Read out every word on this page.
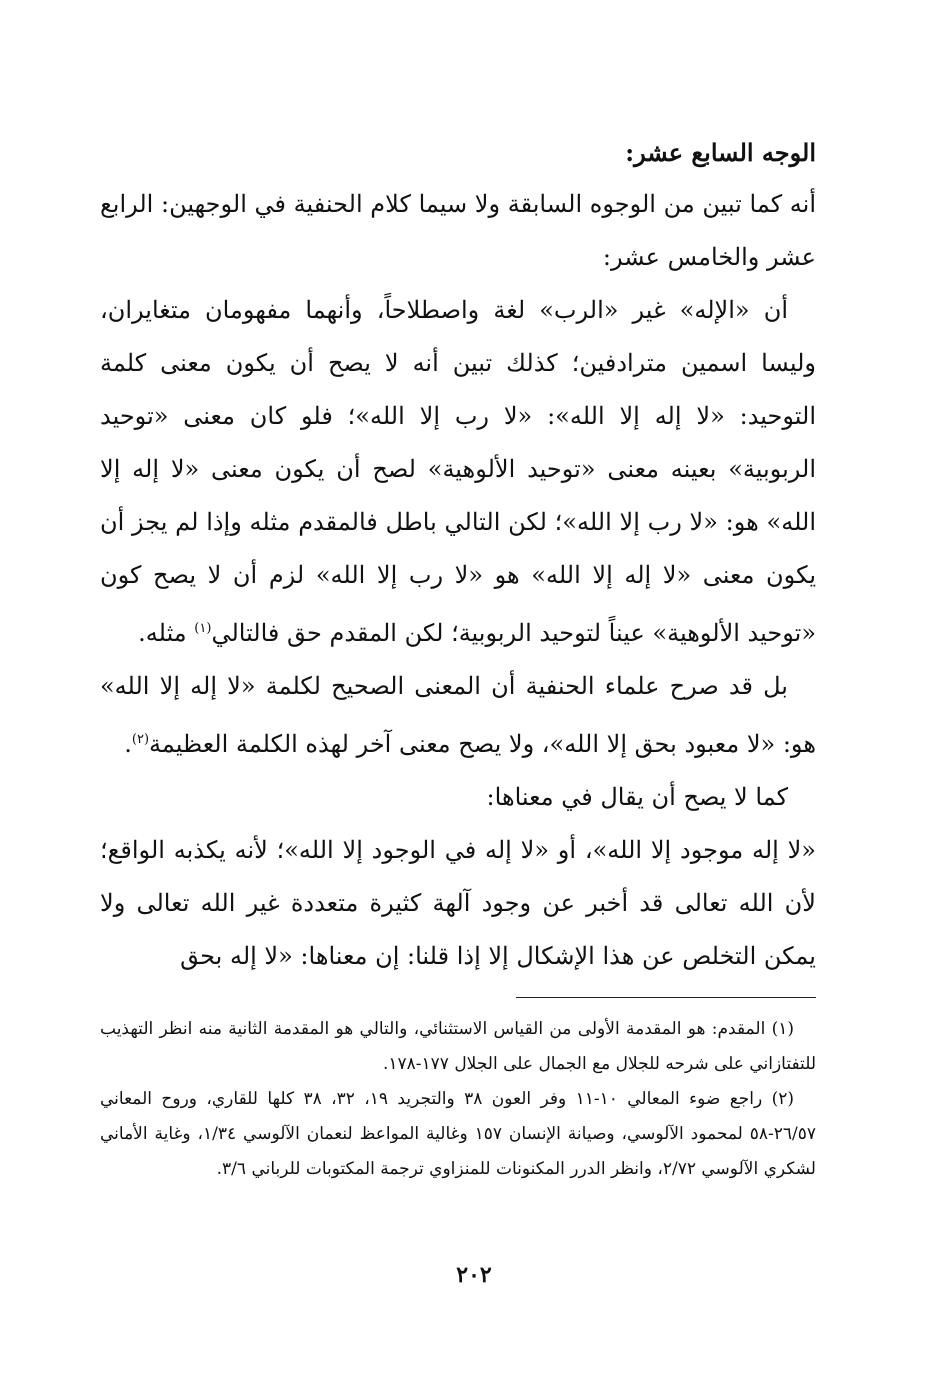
الوجه السابع عشر:

أنه كما تبين من الوجوه السابقة ولا سيما كلام الحنفية في الوجهين: الرابع عشر والخامس عشر:

أن «الإله» غير «الرب» لغة واصطلاحاً، وأنهما مفهومان متغايران، وليسا اسمين مترادفين؛ كذلك تبين أنه لا يصح أن يكون معنى كلمة التوحيد: «لا إله إلا الله»: «لا رب إلا الله»؛ فلو كان معنى «توحيد الربوبية» بعينه معنى «توحيد الألوهية» لصح أن يكون معنى «لا إله إلا الله» هو: «لا رب إلا الله»؛ لكن التالي باطل فالمقدم مثله وإذا لم يجز أن يكون معنى «لا إله إلا الله» هو «لا رب إلا الله» لزم أن لا يصح كون «توحيد الألوهية» عيناً لتوحيد الربوبية؛ لكن المقدم حق فالتالي$^{(١)}$ مثله.

بل قد صرح علماء الحنفية أن المعنى الصحيح لكلمة «لا إله إلا الله» هو: «لا معبود بحق إلا الله»، ولا يصح معنى آخر لهذه الكلمة العظيمة$^{(٢)}$.

كما لا يصح أن يقال في معناها:

«لا إله موجود إلا الله»، أو «لا إله في الوجود إلا الله»؛ لأنه يكذبه الواقع؛ لأن الله تعالى قد أخبر عن وجود آلهة كثيرة متعددة غير الله تعالى ولا يمكن التخلص عن هذا الإشكال إلا إذا قلنا: إن معناها: «لا إله بحق

(١) المقدم: هو المقدمة الأولى من القياس الاستثنائي، والتالي هو المقدمة الثانية منه انظر التهذيب للتفتازاني على شرحه للجلال مع الجمال على الجلال ١٧٧-١٧٨.

(٢) راجع ضوء المعالي ١٠-١١ وفر العون ٣٨ والتجريد ١٩، ٣٢، ٣٨ كلها للقاري، وروح المعاني ٢٦/٥٧-٥٨ لمحمود الآلوسي، وصيانة الإنسان ١٥٧ وغالية المواعظ لنعمان الآلوسي ١/٣٤، وغاية الأماني لشكري الآلوسي ٢/٧٢، وانظر الدرر المكنونات للمنزاوي ترجمة المكتوبات للرباني ٣/٦.

٢٠٢
